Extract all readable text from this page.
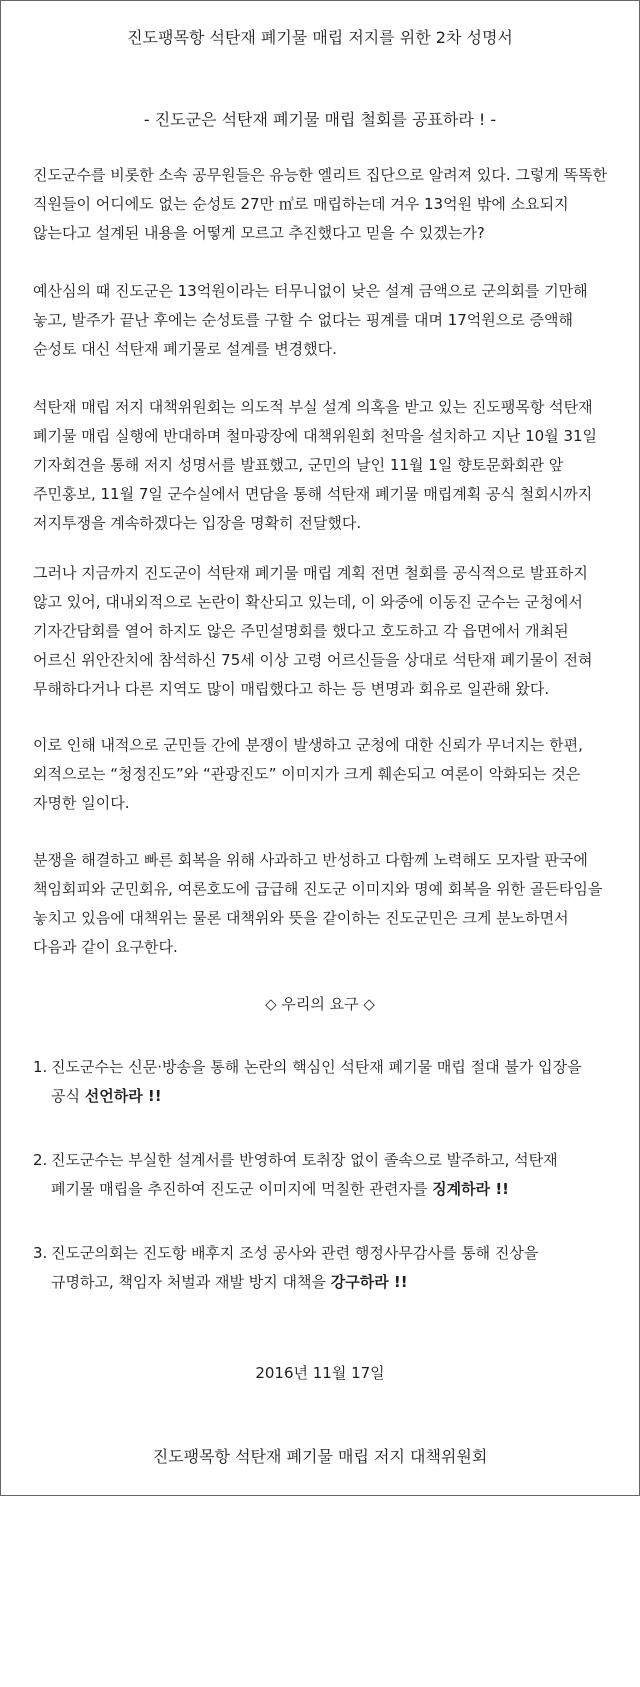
진도팽목항 석탄재 폐기물 매립 저지를 위한 2차 성명서
- 진도군은 석탄재 폐기물 매립 철회를 공표하라 ! -

진도군수를 비롯한 소속 공무원들은 유능한 엘리트 집단으로 알려져 있다. 그렇게 똑똑한 직원들이 어디에도 없는 순성토 27만 ㎥로 매립하는데 겨우 13억원 밖에 소요되지 않는다고 설계된 내용을 어떻게 모르고 추진했다고 믿을 수 있겠는가?

예산심의 때 진도군은 13억원이라는 터무니없이 낮은 설계 금액으로 군의회를 기만해 놓고, 발주가 끝난 후에는 순성토를 구할 수 없다는 핑계를 대며 17억원으로 증액해 순성토 대신 석탄재 폐기물로 설계를 변경했다.

석탄재 매립 저지 대책위원회는 의도적 부실 설계 의혹을 받고 있는 진도팽목항 석탄재 폐기물 매립 실행에 반대하며 철마광장에 대책위원회 천막을 설치하고 지난 10월 31일 기자회견을 통해 저지 성명서를 발표했고, 군민의 날인 11월 1일 향토문화회관 앞 주민홍보, 11월 7일 군수실에서 면담을 통해 석탄재 폐기물 매립계획 공식 철회시까지 저지투쟁을 계속하겠다는 입장을 명확히 전달했다.

그러나 지금까지 진도군이 석탄재 폐기물 매립 계획 전면 철회를 공식적으로 발표하지 않고 있어, 대내외적으로 논란이 확산되고 있는데, 이 와중에 이동진 군수는 군청에서 기자간담회를 열어 하지도 않은 주민설명회를 했다고 호도하고 각 읍면에서 개최된 어르신 위안잔치에 참석하신 75세 이상 고령 어르신들을 상대로 석탄재 폐기물이 전혀 무해하다거나 다른 지역도 많이 매립했다고 하는 등 변명과 회유로 일관해 왔다.

이로 인해 내적으로 군민들 간에 분쟁이 발생하고 군청에 대한 신뢰가 무너지는 한편, 외적으로는 “청정진도”와 “관광진도” 이미지가 크게 훼손되고 여론이 악화되는 것은 자명한 일이다.

분쟁을 해결하고 빠른 회복을 위해 사과하고 반성하고 다함께 노력해도 모자랄 판국에 책임회피와 군민회유, 여론호도에 급급해 진도군 이미지와 명예 회복을 위한 골든타임을 놓치고 있음에 대책위는 물론 대책위와 뜻을 같이하는 진도군민은 크게 분노하면서 다음과 같이 요구한다.

◇ 우리의 요구 ◇
1. 진도군수는 신문·방송을 통해 논란의 핵심인 석탄재 폐기물 매립 절대 불가 입장을 공식 선언하라 !!
2. 진도군수는 부실한 설계서를 반영하여 토취장 없이 졸속으로 발주하고, 석탄재 폐기물 매립을 추진하여 진도군 이미지에 먹칠한 관련자를 징계하라 !!
3. 진도군의회는 진도항 배후지 조성 공사와 관련 행정사무감사를 통해 진상을 규명하고, 책임자 처벌과 재발 방지 대책을 강구하라 !!
2016년 11월 17일
진도팽목항 석탄재 폐기물 매립 저지 대책위원회
